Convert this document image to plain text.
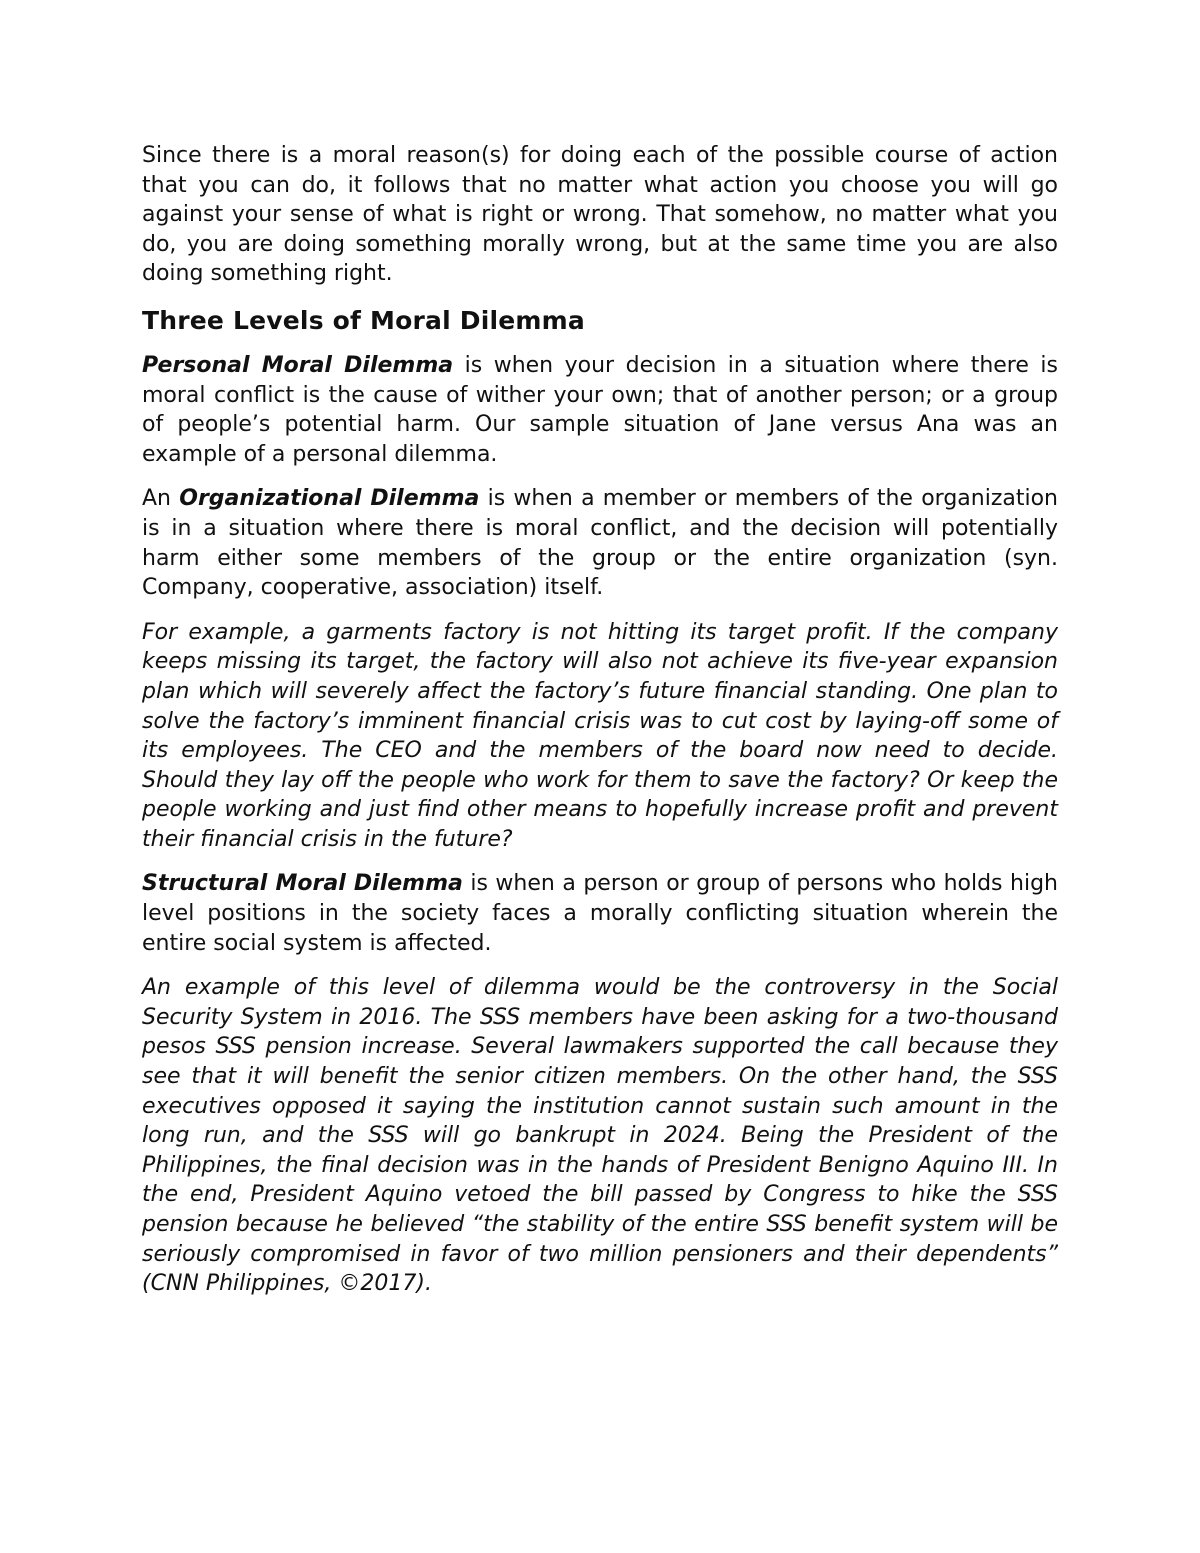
Since there is a moral reason(s) for doing each of the possible course of action that you can do, it follows that no matter what action you choose you will go against your sense of what is right or wrong. That somehow, no matter what you do, you are doing something morally wrong, but at the same time you are also doing something right.

Three Levels of Moral Dilemma

Personal Moral Dilemma is when your decision in a situation where there is moral conflict is the cause of wither your own; that of another person; or a group of people’s potential harm. Our sample situation of Jane versus Ana was an example of a personal dilemma.

An Organizational Dilemma is when a member or members of the organization is in a situation where there is moral conflict, and the decision will potentially harm either some members of the group or the entire organization (syn. Company, cooperative, association) itself.

For example, a garments factory is not hitting its target profit. If the company keeps missing its target, the factory will also not achieve its five-year expansion plan which will severely affect the factory’s future financial standing. One plan to solve the factory’s imminent financial crisis was to cut cost by laying-off some of its employees. The CEO and the members of the board now need to decide. Should they lay off the people who work for them to save the factory? Or keep the people working and just find other means to hopefully increase profit and prevent their financial crisis in the future?

Structural Moral Dilemma is when a person or group of persons who holds high level positions in the society faces a morally conflicting situation wherein the entire social system is affected.

An example of this level of dilemma would be the controversy in the Social Security System in 2016. The SSS members have been asking for a two-thousand pesos SSS pension increase. Several lawmakers supported the call because they see that it will benefit the senior citizen members. On the other hand, the SSS executives opposed it saying the institution cannot sustain such amount in the long run, and the SSS will go bankrupt in 2024. Being the President of the Philippines, the final decision was in the hands of President Benigno Aquino III. In the end, President Aquino vetoed the bill passed by Congress to hike the SSS pension because he believed “the stability of the entire SSS benefit system will be seriously compromised in favor of two million pensioners and their dependents” (CNN Philippines, ©2017).
